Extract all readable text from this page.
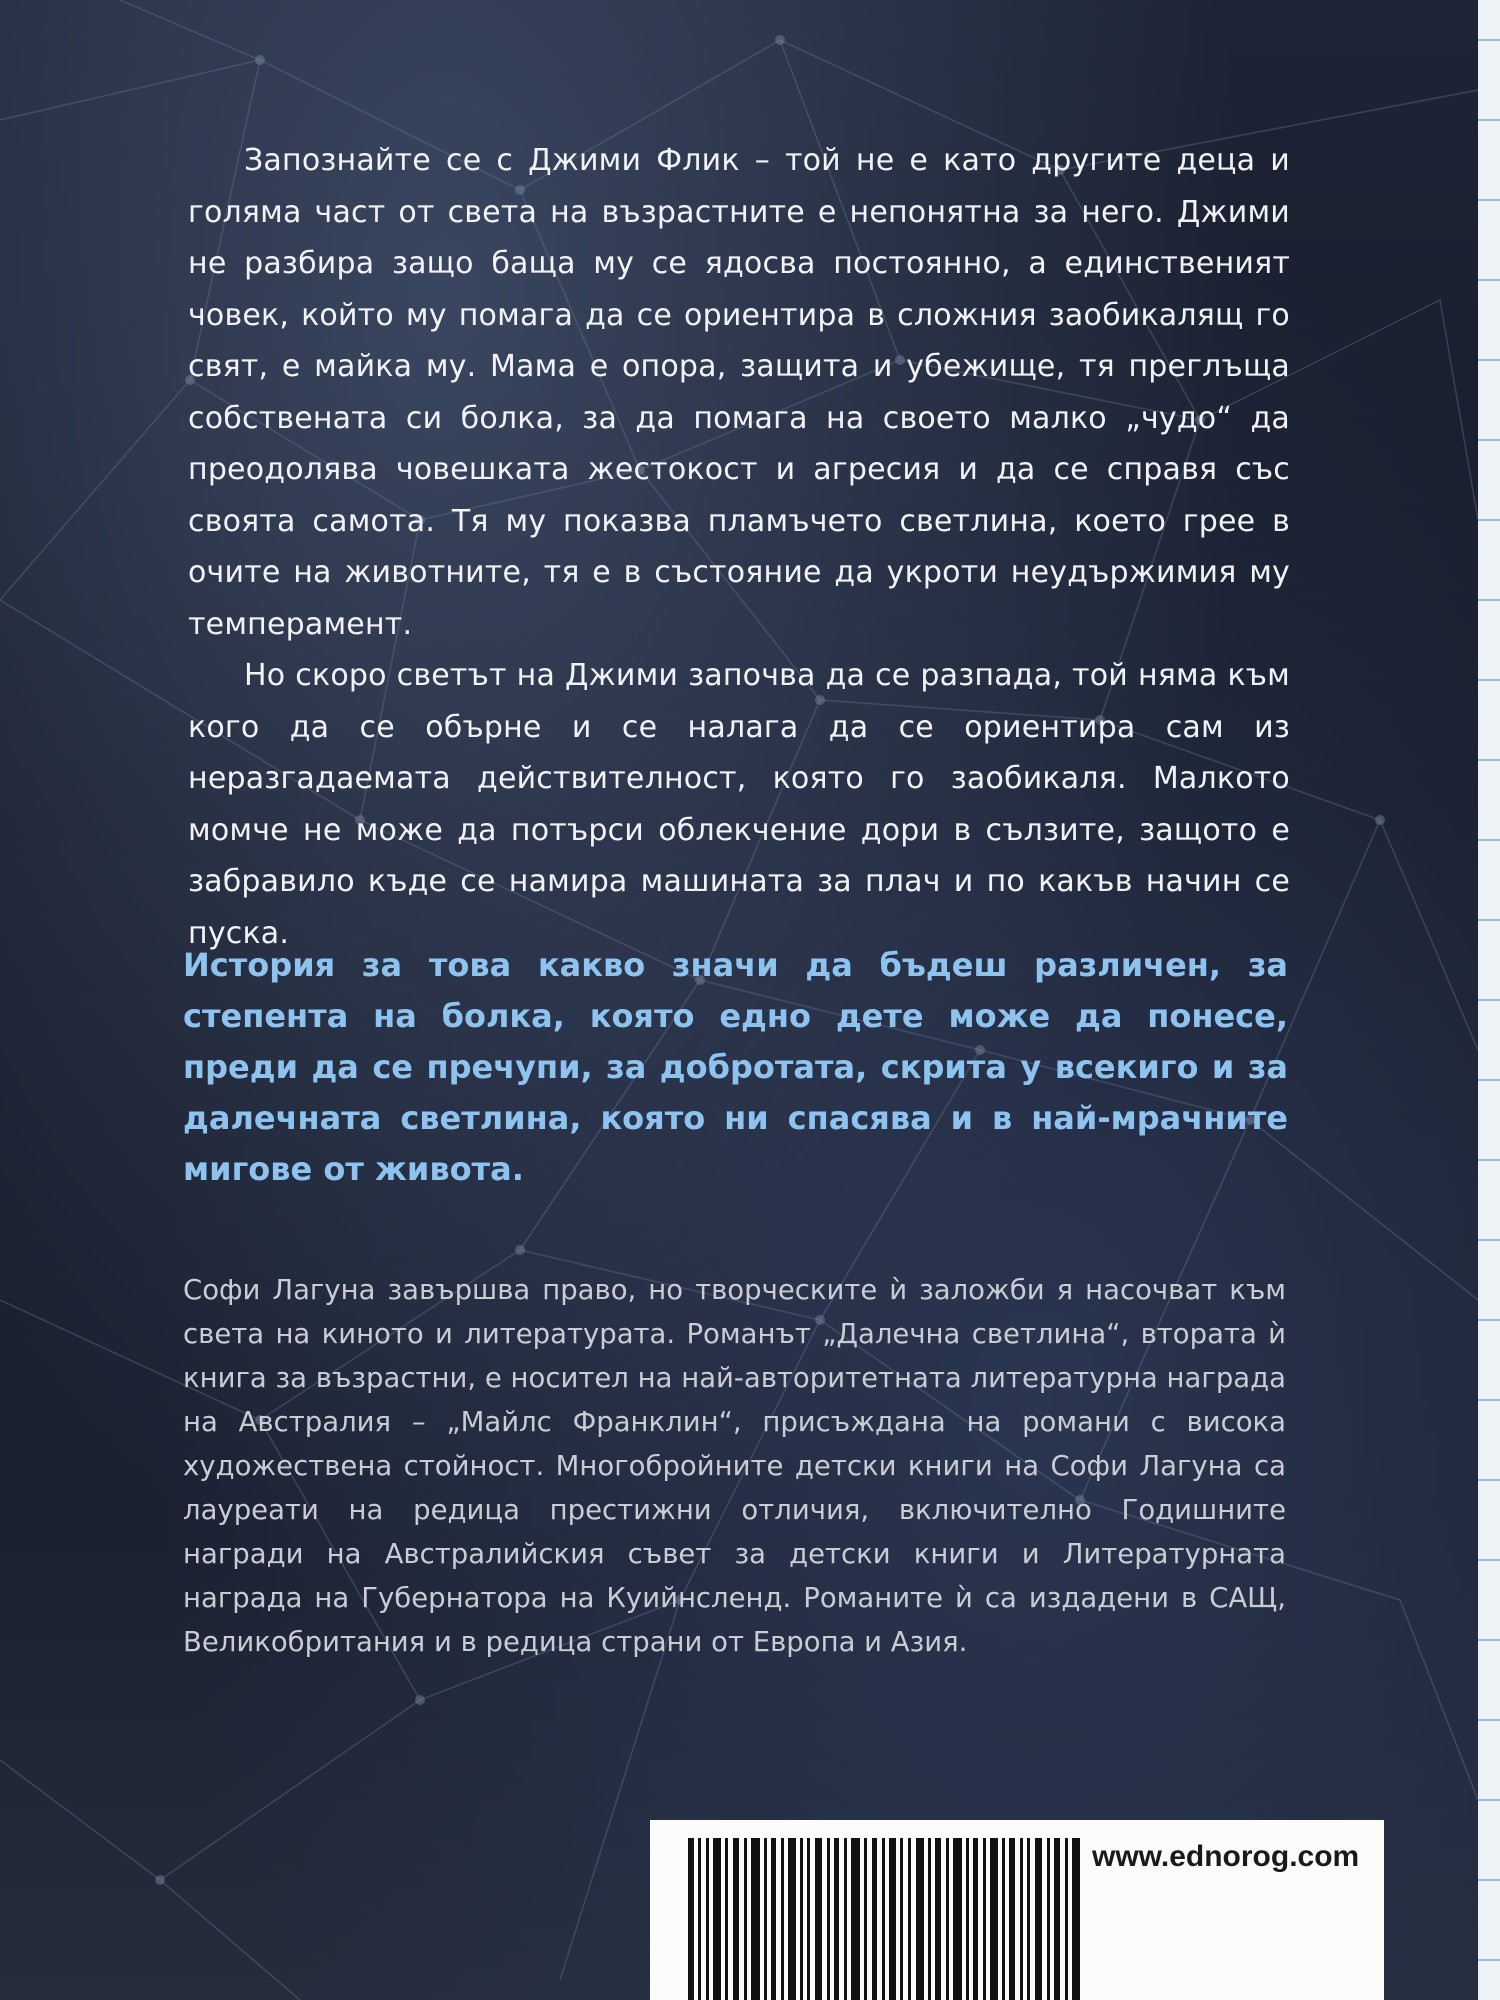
Запознайте се с Джими Флик – той не е като другите деца и голяма част от света на възрастните е непонятна за него. Джими не разбира защо баща му се ядосва постоянно, а единственият човек, който му помага да се ориентира в сложния заобикалящ го свят, е майка му. Мама е опора, защита и убежище, тя преглъща собствената си болка, за да помага на своето малко „чудо“ да преодолява човешката жестокост и агресия и да се справя със своята самота. Тя му показва пламъчето светлина, което грее в очите на животните, тя е в състояние да укроти неудържимия му темперамент.

Но скоро светът на Джими започва да се разпада, той няма към кого да се обърне и се налага да се ориентира сам из неразгадаемата действителност, която го заобикаля. Малкото момче не може да потърси облекчение дори в сълзите, защото е забравило къде се намира машината за плач и по какъв начин се пуска.

История за това какво значи да бъдеш различен, за степента на болка, която едно дете може да понесе, преди да се пречупи, за добротата, скрита у всекиго и за далечната светлина, която ни спасява и в най-мрачните мигове от живота.
Софи Лагуна завършва право, но творческите ѝ заложби я насочват към света на киното и литературата. Романът „Далечна светлина“, втората ѝ книга за възрастни, е носител на най-авторитетната литературна награда на Австралия – „Майлс Франклин“, присъждана на романи с висока художествена стойност. Многобройните детски книги на Софи Лагуна са лауреати на редица престижни отличия, включително Годишните награди на Австралийския съвет за детски книги и Литературната награда на Губернатора на Куийнсленд. Романите ѝ са издадени в САЩ, Великобритания и в редица страни от Европа и Азия.
www.ednorog.com
